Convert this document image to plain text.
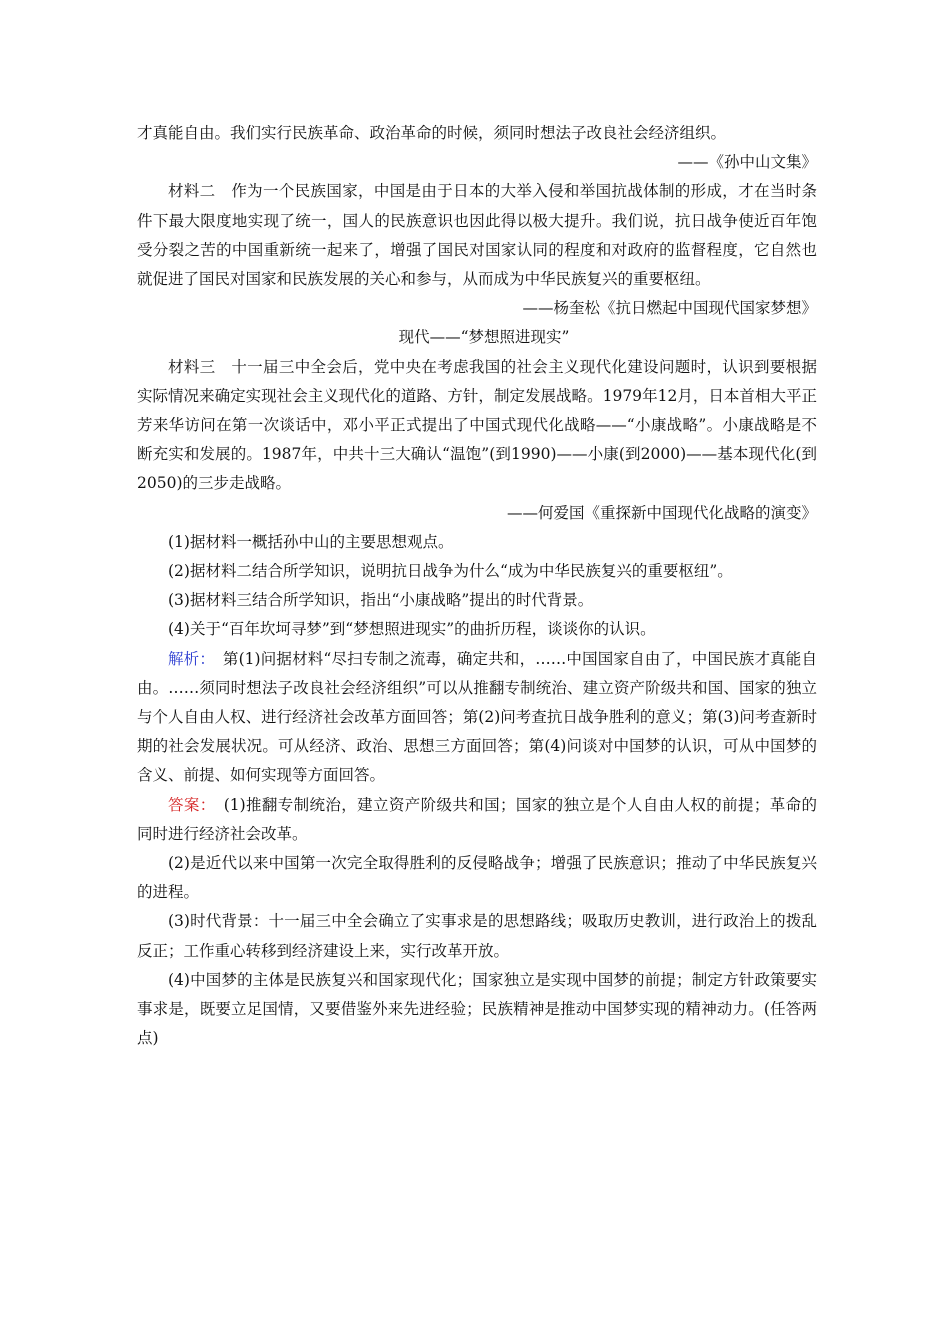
才真能自由。我们实行民族革命、政治革命的时候，须同时想法子改良社会经济组织。

——《孙中山文集》

材料二　作为一个民族国家，中国是由于日本的大举入侵和举国抗战体制的形成，才在当时条件下最大限度地实现了统一，国人的民族意识也因此得以极大提升。我们说，抗日战争使近百年饱受分裂之苦的中国重新统一起来了，增强了国民对国家认同的程度和对政府的监督程度，它自然也就促进了国民对国家和民族发展的关心和参与，从而成为中华民族复兴的重要枢纽。

——杨奎松《抗日燃起中国现代国家梦想》

现代——“梦想照进现实”

材料三　十一届三中全会后，党中央在考虑我国的社会主义现代化建设问题时，认识到要根据实际情况来确定实现社会主义现代化的道路、方针，制定发展战略。1979年12月，日本首相大平正芳来华访问在第一次谈话中，邓小平正式提出了中国式现代化战略——“小康战略”。小康战略是不断充实和发展的。1987年，中共十三大确认“温饱”(到1990)——小康(到2000)——基本现代化(到2050)的三步走战略。

——何爱国《重探新中国现代化战略的演变》

(1)据材料一概括孙中山的主要思想观点。

(2)据材料二结合所学知识，说明抗日战争为什么“成为中华民族复兴的重要枢纽”。

(3)据材料三结合所学知识，指出“小康战略”提出的时代背景。

(4)关于“百年坎坷寻梦”到“梦想照进现实”的曲折历程，谈谈你的认识。

解析：　第(1)问据材料“尽扫专制之流毒，确定共和，……中国国家自由了，中国民族才真能自由。……须同时想法子改良社会经济组织”可以从推翻专制统治、建立资产阶级共和国、国家的独立与个人自由人权、进行经济社会改革方面回答；第(2)问考查抗日战争胜利的意义；第(3)问考查新时期的社会发展状况。可从经济、政治、思想三方面回答；第(4)问谈对中国梦的认识，可从中国梦的含义、前提、如何实现等方面回答。

答案：　(1)推翻专制统治，建立资产阶级共和国；国家的独立是个人自由人权的前提；革命的同时进行经济社会改革。

(2)是近代以来中国第一次完全取得胜利的反侵略战争；增强了民族意识；推动了中华民族复兴的进程。

(3)时代背景：十一届三中全会确立了实事求是的思想路线；吸取历史教训，进行政治上的拨乱反正；工作重心转移到经济建设上来，实行改革开放。

(4)中国梦的主体是民族复兴和国家现代化；国家独立是实现中国梦的前提；制定方针政策要实事求是，既要立足国情，又要借鉴外来先进经验；民族精神是推动中国梦实现的精神动力。(任答两点)
